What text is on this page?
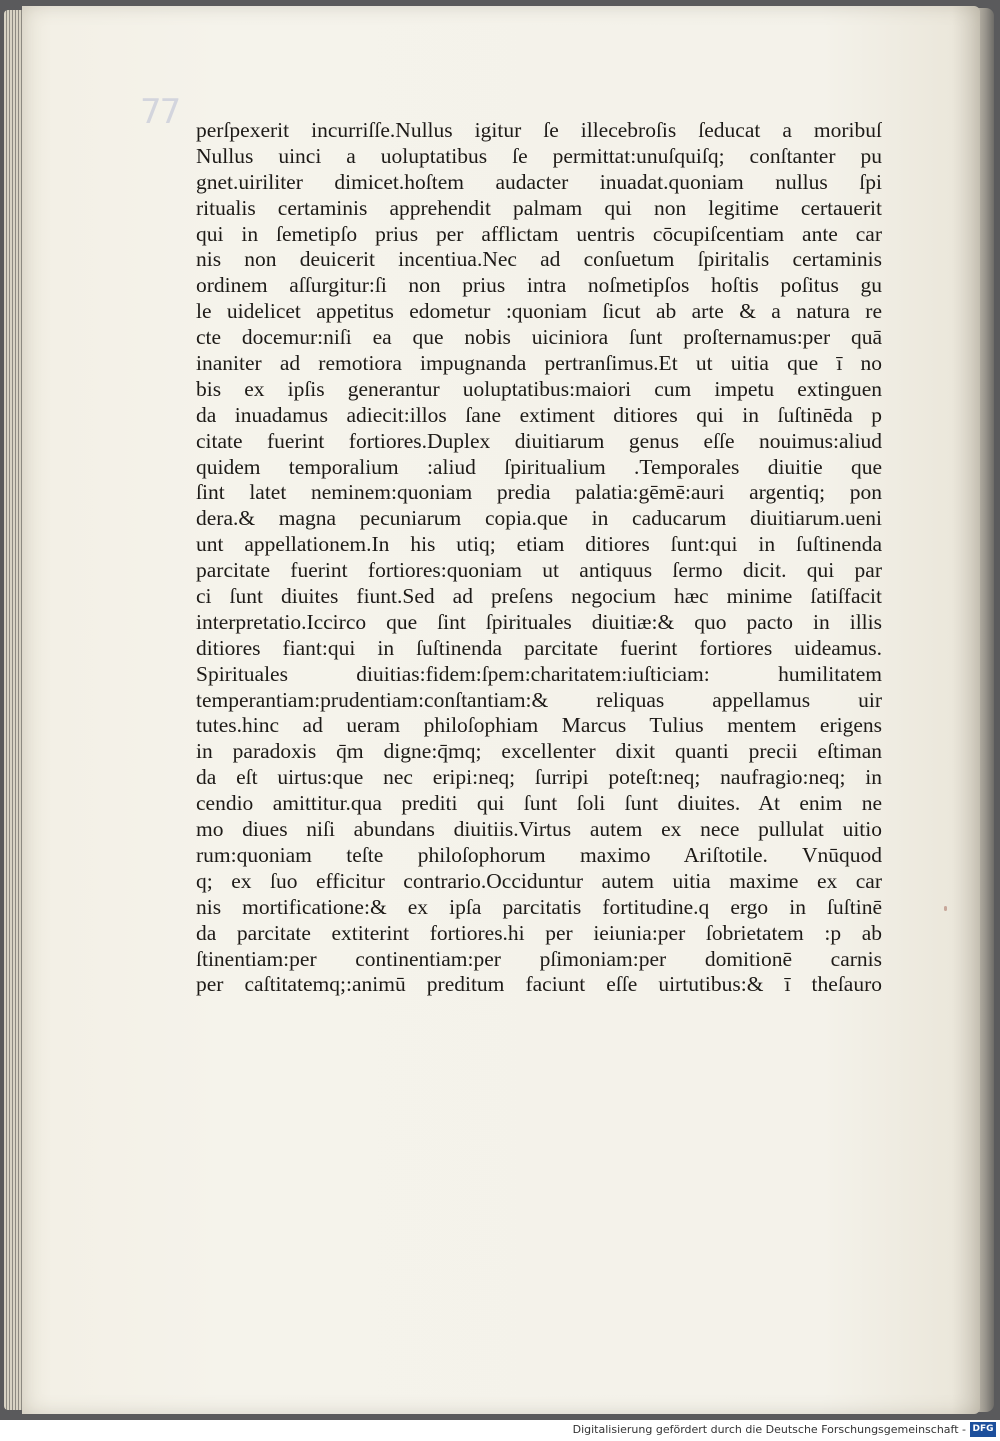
77 perſpexerit incurriſſe.Nullus igitur ſe illecebroſis ſeducat a moribuſ
Nullus uinci a uoluptatibus ſe permittat:unuſquiſq; conſtanter pu
gnet.uiriliter dimicet.hoſtem audacter inuadat.quoniam nullus ſpi
ritualis certaminis apprehendit palmam qui non legitime certauerit
qui in ſemetipſo prius per afflictam uentris cōcupiſcentiam ante car
nis non deuicerit incentiua.Nec ad conſuetum ſpiritalis certaminis
ordinem aſſurgitur:ſi non prius intra noſmetipſos hoſtis poſitus gu
le uidelicet appetitus edometur :quoniam ſicut ab arte & a natura re
cte docemur:niſi ea que nobis uiciniora ſunt proſternamus:per quā
inaniter ad remotiora impugnanda pertranſimus.Et ut uitia que ī no
bis ex ipſis generantur uoluptatibus:maiori cum impetu extinguen
da inuadamus adiecit:illos ſane extiment ditiores qui in ſuſtinēda p
citate fuerint fortiores.Duplex diuitiarum genus eſſe nouimus:aliud
quidem temporalium :aliud ſpiritualium .Temporales diuitie que
ſint latet neminem:quoniam predia palatia:gēmē:auri argentiq; pon
dera.& magna pecuniarum copia.que in caducarum diuitiarum.ueni
unt appellationem.In his utiq; etiam ditiores ſunt:qui in ſuſtinenda
parcitate fuerint fortiores:quoniam ut antiquus ſermo dicit. qui par
ci ſunt diuites fiunt.Sed ad preſens negocium hæc minime ſatiſfacit
interpretatio.Iccirco que ſint ſpirituales diuitiæ:& quo pacto in illis
ditiores fiant:qui in ſuſtinenda parcitate fuerint fortiores uideamus.
Spirituales diuitias:fidem:ſpem:charitatem:iuſticiam: humilitatem
temperantiam:prudentiam:conſtantiam:& reliquas appellamus uir
tutes.hinc ad ueram philoſophiam Marcus Tulius mentem erigens
in paradoxis q̄m digne:q̄mq; excellenter dixit quanti precii eſtiman
da eſt uirtus:que nec eripi:neq; ſurripi poteſt:neq; naufragio:neq; in
cendio amittitur.qua prediti qui ſunt ſoli ſunt diuites. At enim ne
mo diues niſi abundans diuitiis.Virtus autem ex nece pullulat uitio
rum:quoniam teſte philoſophorum maximo Ariſtotile. Vnūquod
q; ex ſuo efficitur contrario.Occiduntur autem uitia maxime ex car
nis mortificatione:& ex ipſa parcitatis fortitudine.q ergo in ſuſtinē
da parcitate extiterint fortiores.hi per ieiunia:per ſobrietatem :p ab
ſtinentiam:per continentiam:per pſimoniam:per domitionē carnis
per caſtitatemq;:animū preditum faciunt eſſe uirtutibus:& ī theſauro
Digitalisierung gefördert durch die Deutsche Forschungsgemeinschaft - DFG
